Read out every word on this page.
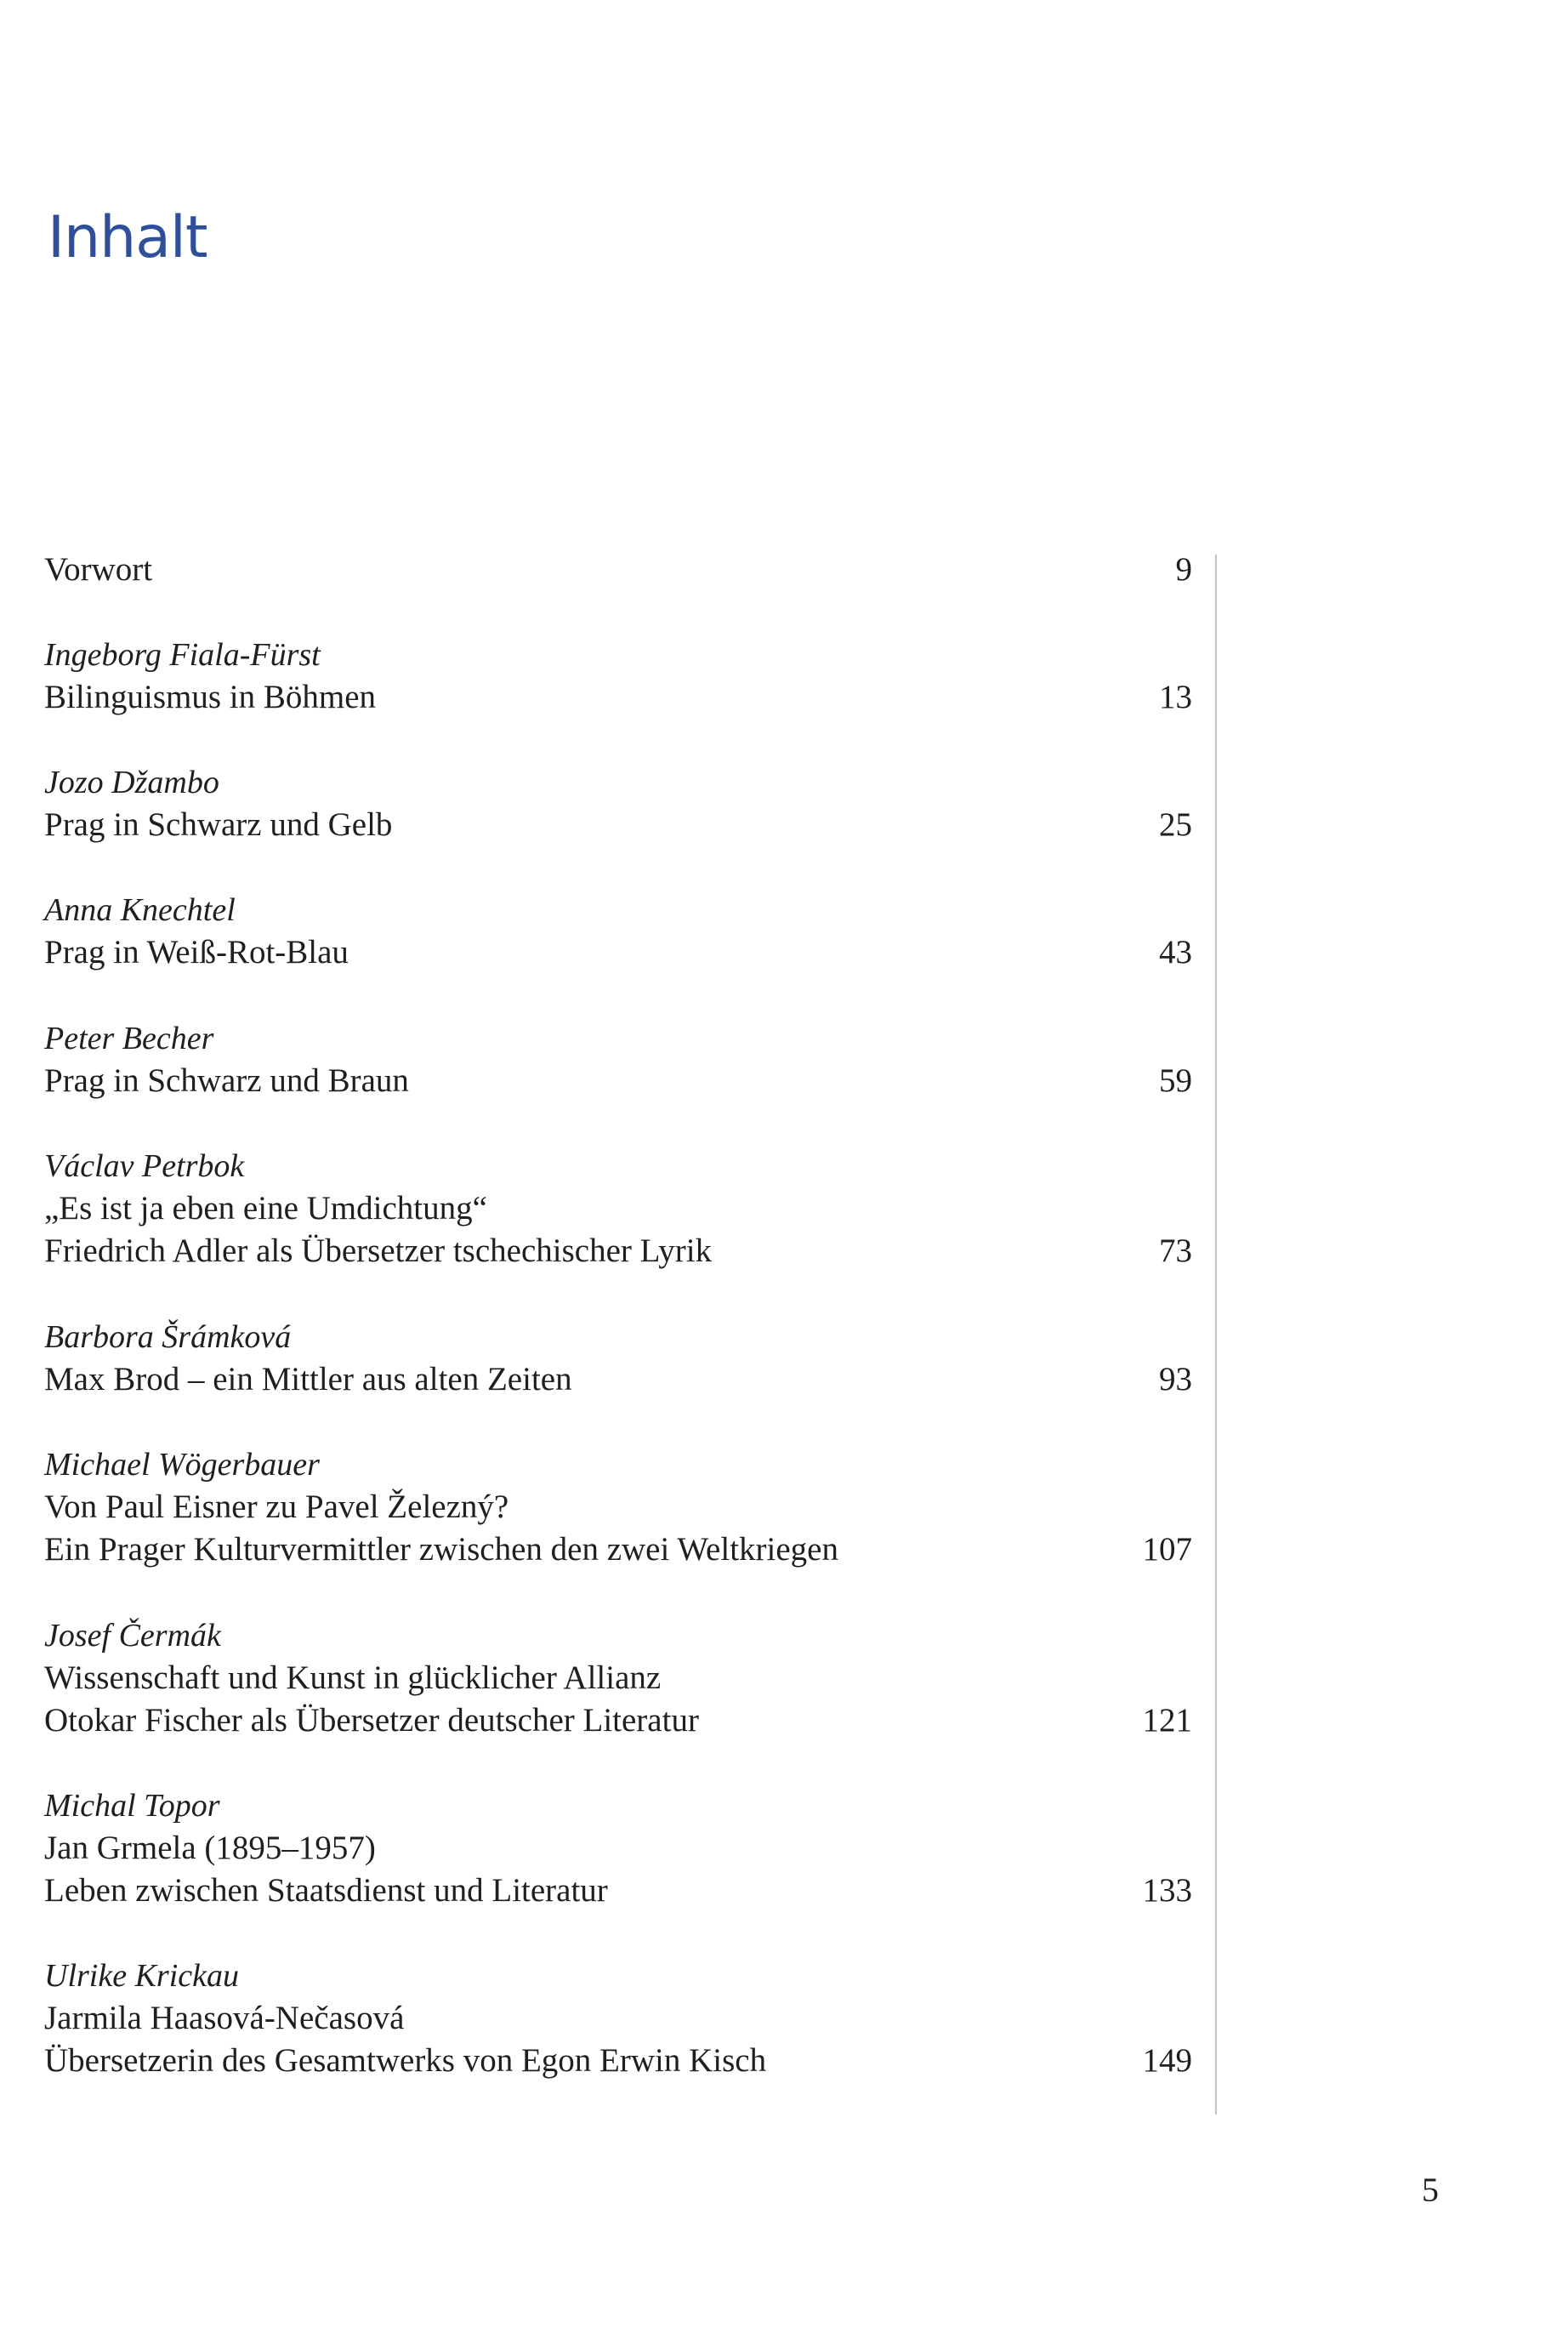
Inhalt
Vorwort	9
Ingeborg Fiala-Fürst
Bilinguismus in Böhmen	13
Jozo Džambo
Prag in Schwarz und Gelb	25
Anna Knechtel
Prag in Weiß-Rot-Blau	43
Peter Becher
Prag in Schwarz und Braun	59
Václav Petrbok
„Es ist ja eben eine Umdichtung“
Friedrich Adler als Übersetzer tschechischer Lyrik	73
Barbora Šrámková
Max Brod – ein Mittler aus alten Zeiten	93
Michael Wögerbauer
Von Paul Eisner zu Pavel Železný?
Ein Prager Kulturvermittler zwischen den zwei Weltkriegen	107
Josef Čermák
Wissenschaft und Kunst in glücklicher Allianz
Otokar Fischer als Übersetzer deutscher Literatur	121
Michal Topor
Jan Grmela (1895–1957)
Leben zwischen Staatsdienst und Literatur	133
Ulrike Krickau
Jarmila Haasová-Nečasová
Übersetzerin des Gesamtwerks von Egon Erwin Kisch	149
5
